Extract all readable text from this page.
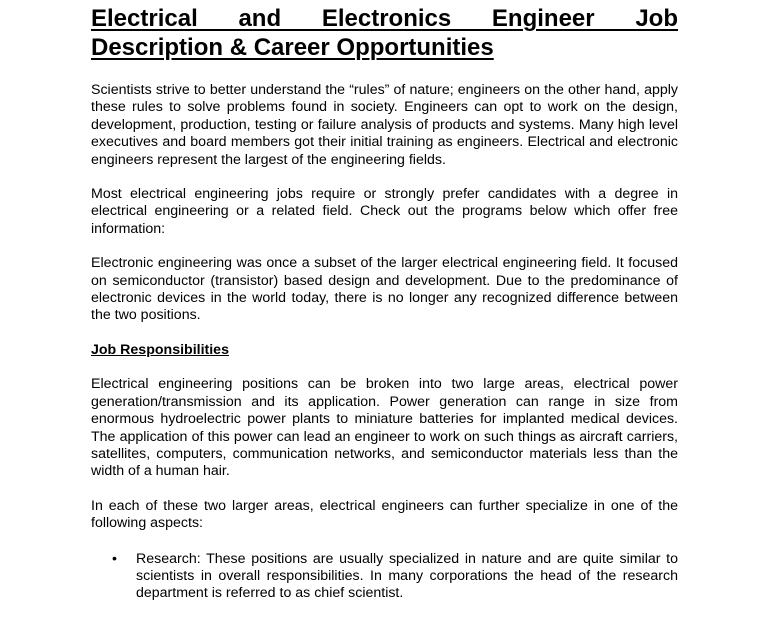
Electrical and Electronics Engineer Job Description & Career Opportunities

Scientists strive to better understand the “rules” of nature; engineers on the other hand, apply these rules to solve problems found in society. Engineers can opt to work on the design, development, production, testing or failure analysis of products and systems. Many high level executives and board members got their initial training as engineers. Electrical and electronic engineers represent the largest of the engineering fields.

Most electrical engineering jobs require or strongly prefer candidates with a degree in electrical engineering or a related field. Check out the programs below which offer free information:

Electronic engineering was once a subset of the larger electrical engineering field. It focused on semiconductor (transistor) based design and development. Due to the predominance of electronic devices in the world today, there is no longer any recognized difference between the two positions.

Job Responsibilities

Electrical engineering positions can be broken into two large areas, electrical power generation/transmission and its application. Power generation can range in size from enormous hydroelectric power plants to miniature batteries for implanted medical devices. The application of this power can lead an engineer to work on such things as aircraft carriers, satellites, computers, communication networks, and semiconductor materials less than the width of a human hair.

In each of these two larger areas, electrical engineers can further specialize in one of the following aspects:

• Research: These positions are usually specialized in nature and are quite similar to scientists in overall responsibilities. In many corporations the head of the research department is referred to as chief scientist.
